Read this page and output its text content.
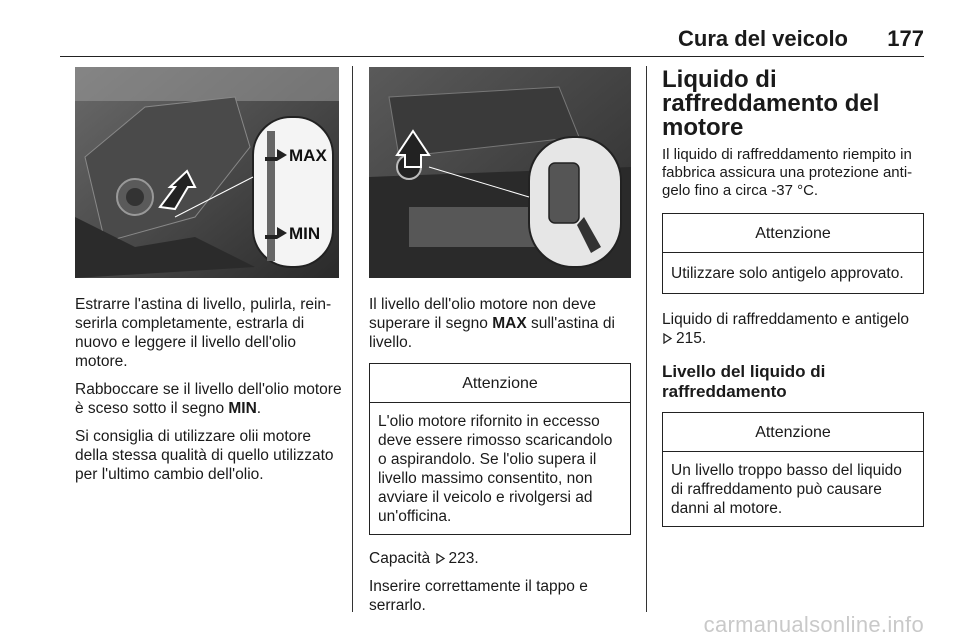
Cura del veicolo 177
MAX
MIN

Estrarre l'astina di livello, pulirla, rein- serirla completamente, estrarla di nuovo e leggere il livello dell'olio motore.

Rabboccare se il livello dell'olio motore è sceso sotto il segno MIN.

Si consiglia di utilizzare olii motore della stessa qualità di quello utilizzato per l'ultimo cambio dell'olio.

Il livello dell'olio motore non deve superare il segno MAX sull'astina di livello.

Attenzione
L'olio motore rifornito in eccesso deve essere rimosso scaricandolo o aspirandolo. Se l'olio supera il livello massimo consentito, non avviare il veicolo e rivolgersi ad un'officina.

Capacità 223.

Inserire correttamente il tappo e serrarlo.

Liquido di raffreddamento del motore

Il liquido di raffreddamento riempito in fabbrica assicura una protezione anti- gelo fino a circa -37 °C.

Attenzione
Utilizzare solo antigelo approvato.

Liquido di raffreddamento e antigelo
215.

Livello del liquido di raffreddamento
Attenzione
Un livello troppo basso del liquido di raffreddamento può causare danni al motore.
carmanualsonline.info
